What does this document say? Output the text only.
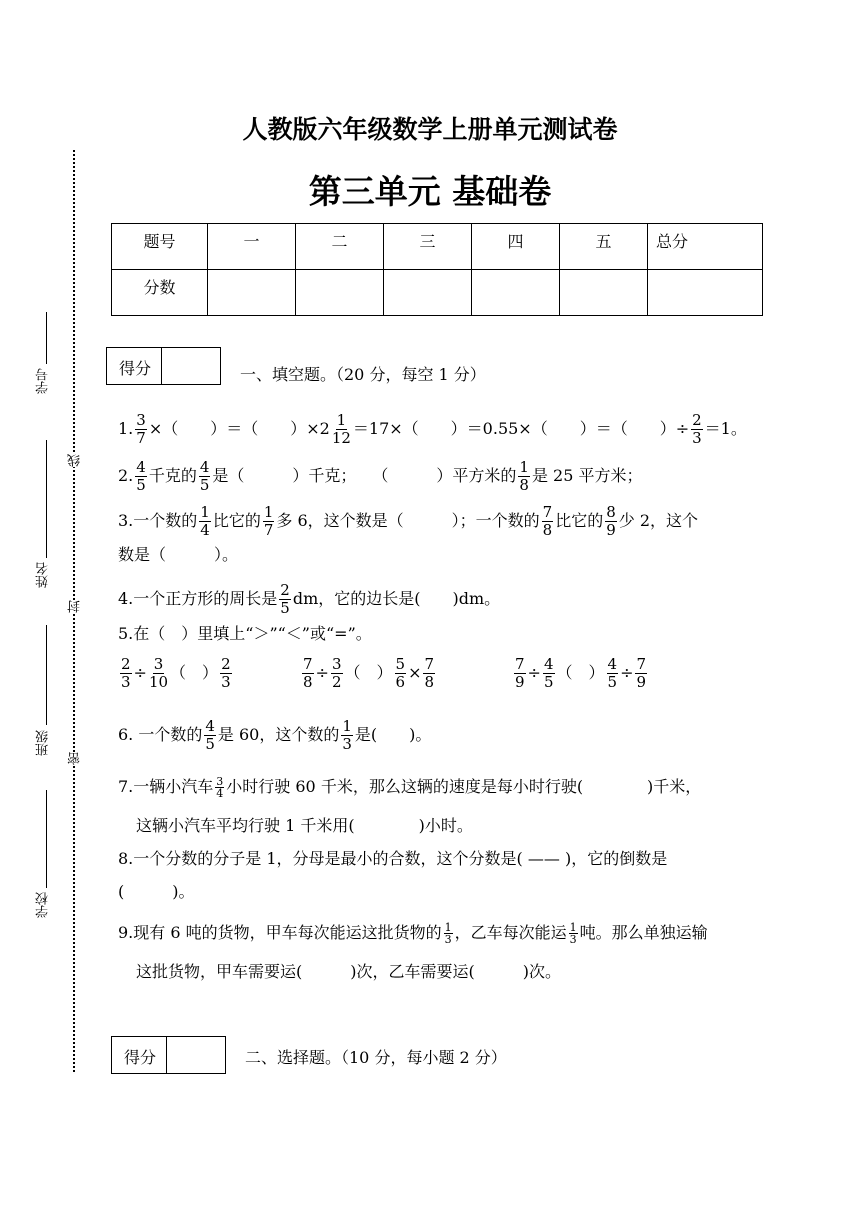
人教版六年级数学上册单元测试卷
第三单元 基础卷
题号	一	二	三	四	五	总分
分数						
学号
姓名
班级
学校
线
封
密
得分	一、填空题。（20 分，每空 1 分）
1. $\frac{3}{7}$ ×（　　）＝（　　）$\times 2 \frac{1}{12} =17\times$（　　）＝0.55×（　　）＝（　　）÷ $\frac{2}{3} =1$。
2. $\frac{4}{5}$ 千克的 $\frac{4}{5}$ 是（　　　）千克；　　（　　　）平方米的 $\frac{1}{8}$ 是 25 平方米；
3.一个数的 $\frac{1}{4}$ 比它的 $\frac{1}{7}$ 多 6，这个数是（　　　）；一个数的 $\frac{7}{8}$ 比它的 $\frac{8}{9}$ 少 2，这个
数是（　　　）。
4.一个正方形的周长是 $\frac{2}{5}$ dm，它的边长是(　　)dm。
5.在（　）里填上“＞”“＜”或“=”。
$\frac{2}{3} \div \frac{3}{10}$ （　） $\frac{2}{3}$	$\frac{7}{8} \div \frac{3}{2}$ （　） $\frac{5}{6} \times \frac{7}{8}$	$\frac{7}{9} \div \frac{4}{5}$ （　） $\frac{4}{5} \div \frac{7}{9}$
6. 一个数的 $\frac{4}{5}$ 是 60，这个数的 $\frac{1}{3}$ 是(　　)。
7.一辆小汽车 $\frac{3}{4}$ 小时行驶 60 千米，那么这辆的速度是每小时行驶(　　　　)千米，
这辆小汽车平均行驶 1 千米用(　　　　)小时。
8.一个分数的分子是 1，分母是最小的合数，这个分数是( —— )，它的倒数是
(　　　)。
9.现有 6 吨的货物，甲车每次能运这批货物的 $\frac{1}{3}$ ，乙车每次能运 $\frac{1}{3}$ 吨。那么单独运输
这批货物，甲车需要运(　　　)次，乙车需要运(　　　)次。
得分	二、选择题。（10 分，每小题 2 分）
